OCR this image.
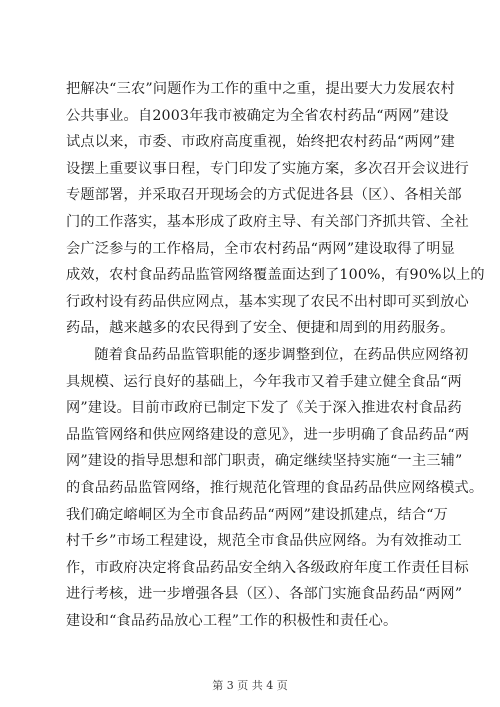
把解决“三农”问题作为工作的重中之重，提出要大力发展农村
公共事业。自2003年我市被确定为全省农村药品“两网”建设
试点以来，市委、市政府高度重视，始终把农村药品“两网”建
设摆上重要议事日程，专门印发了实施方案，多次召开会议进行
专题部署，并采取召开现场会的方式促进各县（区）、各相关部
门的工作落实，基本形成了政府主导、有关部门齐抓共管、全社
会广泛参与的工作格局，全市农村药品“两网”建设取得了明显
成效，农村食品药品监管网络覆盖面达到了100%，有90%以上的
行政村设有药品供应网点，基本实现了农民不出村即可买到放心
药品，越来越多的农民得到了安全、便捷和周到的用药服务。

随着食品药品监管职能的逐步调整到位，在药品供应网络初
具规模、运行良好的基础上，今年我市又着手建立健全食品“两
网”建设。目前市政府已制定下发了《关于深入推进农村食品药
品监管网络和供应网络建设的意见》，进一步明确了食品药品“两
网”建设的指导思想和部门职责，确定继续坚持实施“一主三辅”
的食品药品监管网络，推行规范化管理的食品药品供应网络模式。
我们确定嵱峒区为全市食品药品“两网”建设抓建点，结合“万
村千乡”市场工程建设，规范全市食品供应网络。为有效推动工
作，市政府决定将食品药品安全纳入各级政府年度工作责任目标
进行考核，进一步增强各县（区）、各部门实施食品药品“两网”
建设和“食品药品放心工程”工作的积极性和责任心。

第 3 页 共 4 页
